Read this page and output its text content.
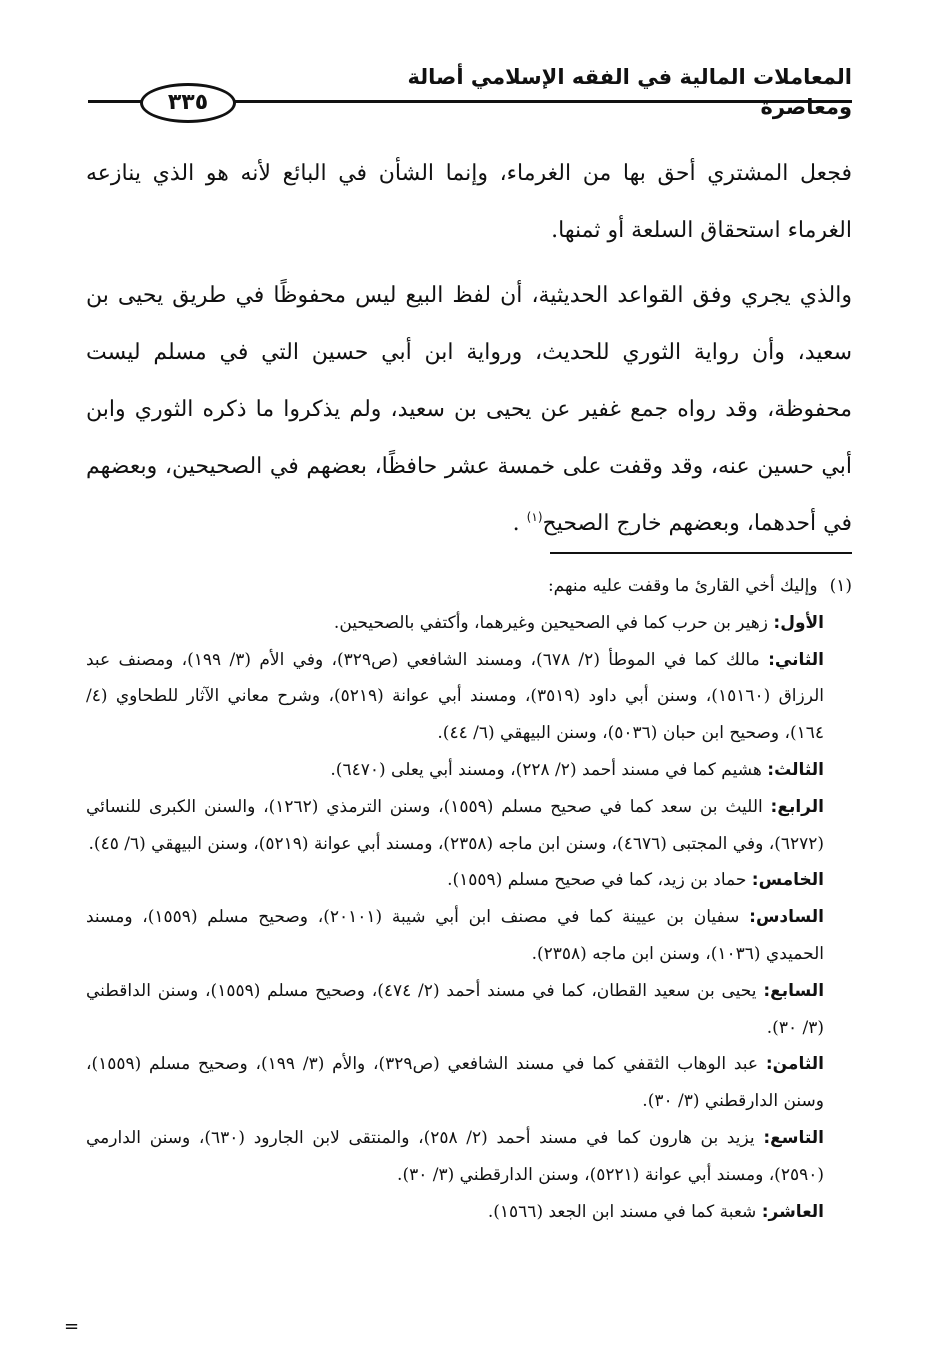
المعاملات المالية في الفقه الإسلامي أصالة ومعاصرة
٣٣٥

فجعل المشتري أحق بها من الغرماء، وإنما الشأن في البائع لأنه هو الذي ينازعه الغرماء استحقاق السلعة أو ثمنها.

والذي يجري وفق القواعد الحديثية، أن لفظ البيع ليس محفوظًا في طريق يحيى بن سعيد، وأن رواية الثوري للحديث، ورواية ابن أبي حسين التي في مسلم ليست محفوظة، وقد رواه جمع غفير عن يحيى بن سعيد، ولم يذكروا ما ذكره الثوري وابن أبي حسين عنه، وقد وقفت على خمسة عشر حافظًا، بعضهم في الصحيحين، وبعضهم في أحدهما، وبعضهم خارج الصحيح$^{(١)}$ .

(١)وإليك أخي القارئ ما وقفت عليه منهم:

الأول: زهير بن حرب كما في الصحيحين وغيرهما، وأكتفي بالصحيحين.

الثاني: مالك كما في الموطأ (٢/ ٦٧٨)، ومسند الشافعي (ص٣٢٩)، وفي الأم (٣/ ١٩٩)، ومصنف عبد الرزاق (١٥١٦٠)، وسنن أبي داود (٣٥١٩)، ومسند أبي عوانة (٥٢١٩)، وشرح معاني الآثار للطحاوي (٤/ ١٦٤)، وصحيح ابن حبان (٥٠٣٦)، وسنن البيهقي (٦/ ٤٤).

الثالث: هشيم كما في مسند أحمد (٢/ ٢٢٨)، ومسند أبي يعلى (٦٤٧٠).

الرابع: الليث بن سعد كما في صحيح مسلم (١٥٥٩)، وسنن الترمذي (١٢٦٢)، والسنن الكبرى للنسائي (٦٢٧٢)، وفي المجتبى (٤٦٧٦)، وسنن ابن ماجه (٢٣٥٨)، ومسند أبي عوانة (٥٢١٩)، وسنن البيهقي (٦/ ٤٥).

الخامس: حماد بن زيد، كما في صحيح مسلم (١٥٥٩).

السادس: سفيان بن عيينة كما في مصنف ابن أبي شيبة (٢٠١٠١)، وصحيح مسلم (١٥٥٩)، ومسند الحميدي (١٠٣٦)، وسنن ابن ماجه (٢٣٥٨).

السابع: يحيى بن سعيد القطان، كما في مسند أحمد (٢/ ٤٧٤)، وصحيح مسلم (١٥٥٩)، وسنن الداقطني (٣/ ٣٠).

الثامن: عبد الوهاب الثقفي كما في مسند الشافعي (ص٣٢٩)، والأم (٣/ ١٩٩)، وصحيح مسلم (١٥٥٩)، وسنن الدارقطني (٣/ ٣٠).

التاسع: يزيد بن هارون كما في مسند أحمد (٢/ ٢٥٨)، والمنتقى لابن الجارود (٦٣٠)، وسنن الدارمي (٢٥٩٠)، ومسند أبي عوانة (٥٢٢١)، وسنن الدارقطني (٣/ ٣٠).

العاشر: شعبة كما في مسند ابن الجعد (١٥٦٦).

=
